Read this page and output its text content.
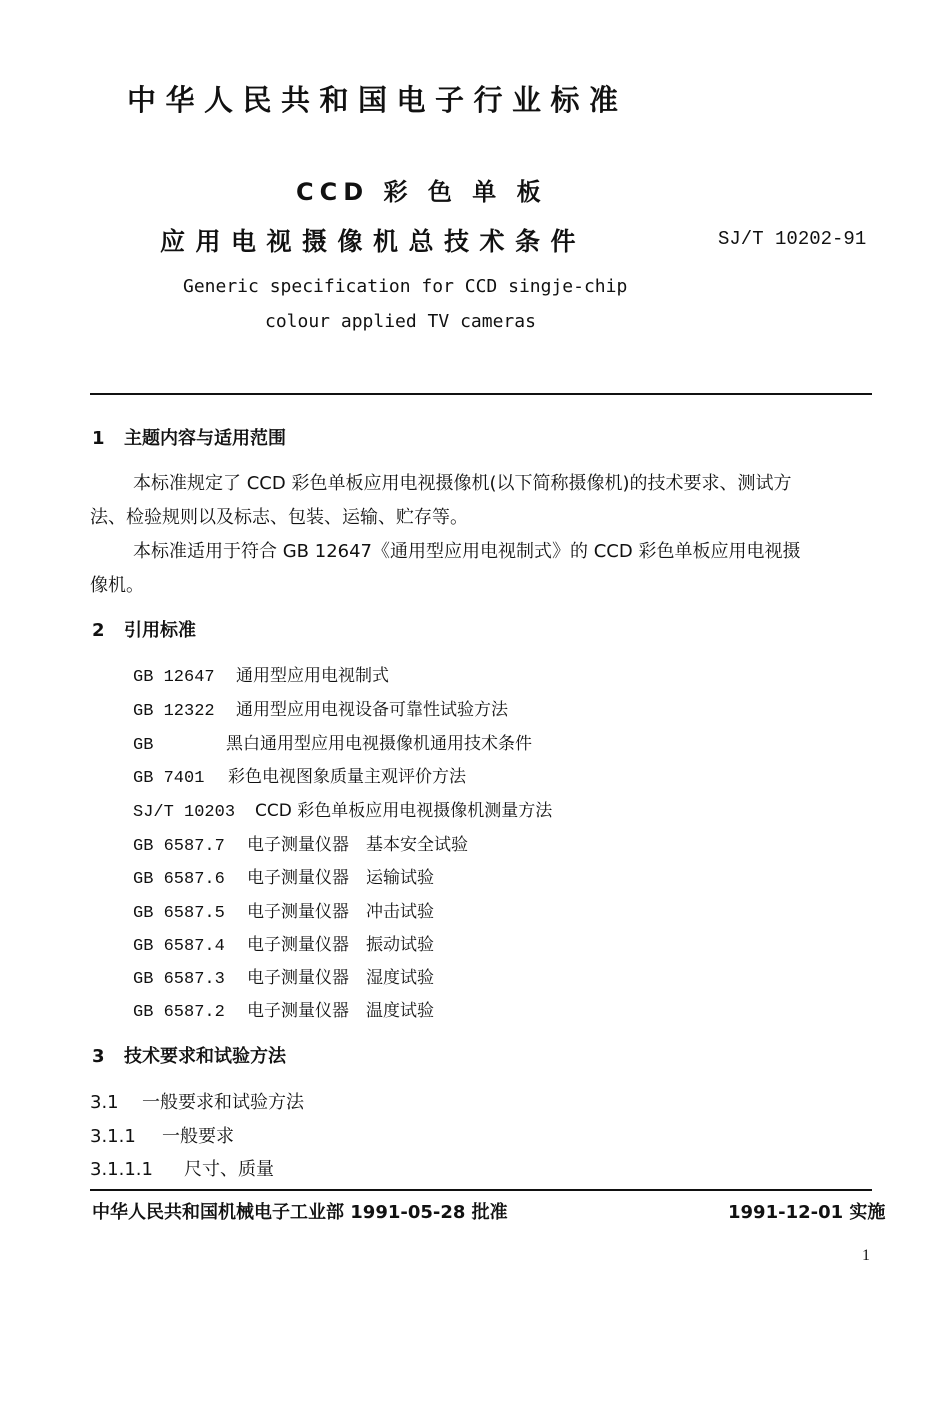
中华人民共和国电子行业标准
CCD 彩 色 单 板
应用电视摄像机总技术条件	SJ/T 10202-91
Generic specification for CCD singje-chip
colour applied TV cameras
1 主题内容与适用范围
本标准规定了 CCD 彩色单板应用电视摄像机(以下简称摄像机)的技术要求、测试方
法、检验规则以及标志、包装、运输、贮存等。
本标准适用于符合 GB 12647《通用型应用电视制式》的 CCD 彩色单板应用电视摄
像机。
2 引用标准
GB 12647 通用型应用电视制式
GB 12322 通用型应用电视设备可靠性试验方法
GB	黑白通用型应用电视摄像机通用技术条件
GB 7401 彩色电视图象质量主观评价方法
SJ/T 10203 CCD 彩色单板应用电视摄像机测量方法
GB 6587.7 电子测量仪器　基本安全试验
GB 6587.6 电子测量仪器　运输试验
GB 6587.5 电子测量仪器　冲击试验
GB 6587.4 电子测量仪器　振动试验
GB 6587.3 电子测量仪器　湿度试验
GB 6587.2 电子测量仪器　温度试验
3 技术要求和试验方法
3.1 一般要求和试验方法
3.1.1 一般要求
3.1.1.1 尺寸、质量
中华人民共和国机械电子工业部 1991-05-28 批准	1991-12-01 实施
1
